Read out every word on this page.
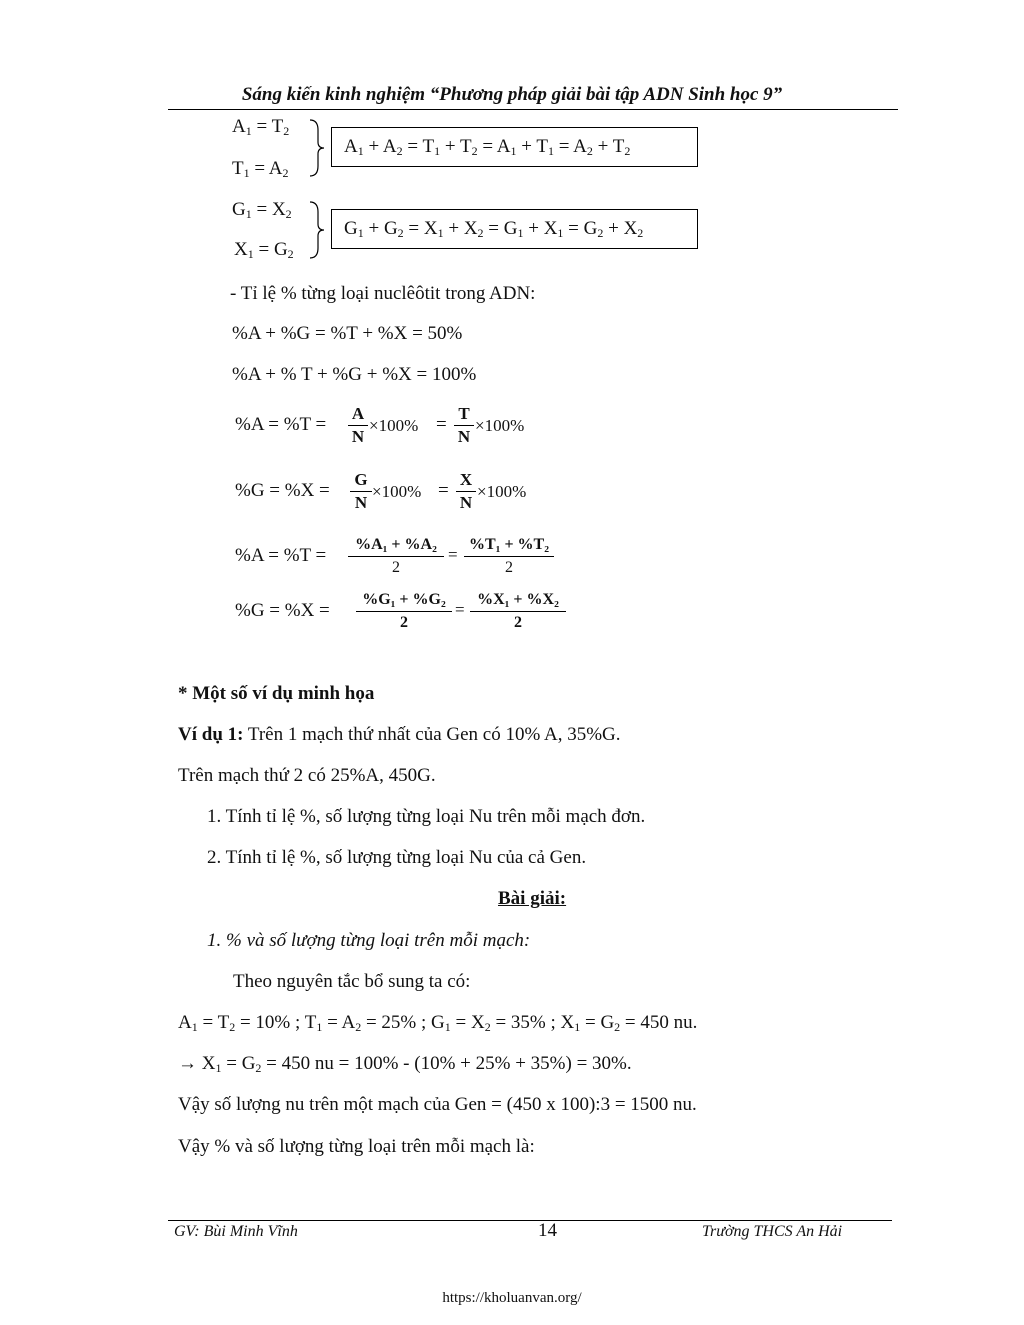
Sáng kiến kinh nghiệm “Phương pháp giải bài tập ADN Sinh học 9”
$A_1 = T_2$
$T_1 = A_2$
$A_1 + A_2 = T_1 + T_2 = A_1 + T_1 = A_2 + T_2$
$G_1 = X_2$
$X_1 = G_2$
$G_1 + G_2 = X_1 + X_2 = G_1 + X_1 = G_2 + X_2$
- Tỉ lệ % từng loại nuclêôtit trong ADN:
%A + %G = %T + %X = 50%
%A + % T + %G + %X = 100%
%A = %T =
A
N
×100% =
T
N
×100%
%G = %X =
G
N
×100% =
X
N
×100%
%A = %T =
%A₁ + %A₂
2
=
%T₁ + %T₂
2
%G = %X =
%G₁ + %G₂
2
=
%X₁ + %X₂
2
* Một số ví dụ minh họa
Ví dụ 1: Trên 1 mạch thứ nhất của Gen có 10% A, 35%G.
Trên mạch thứ 2 có 25%A, 450G.
1. Tính tỉ lệ %, số lượng từng loại Nu trên mỗi mạch đơn.
2. Tính tỉ lệ %, số lượng từng loại Nu của cả Gen.
Bài giải:
1. % và số lượng từng loại trên mỗi mạch:
Theo nguyên tắc bổ sung ta có:
$A_1 = T_2 = 10\%$ ; $T_1 = A_2 = 25\%$ ; $G_1 = X_2 = 35\%$ ; $X_1 = G_2 = 450$ nu.
→ $X_1 = G_2 = 450$ nu = 100% - (10% + 25% + 35%) = 30%.
Vậy số lượng nu trên một mạch của Gen = (450 x 100):3 = 1500 nu.
Vậy % và số lượng từng loại trên mỗi mạch là:
GV: Bùi Minh Vĩnh	14	Trường THCS An Hải
https://kholuanvan.org/
